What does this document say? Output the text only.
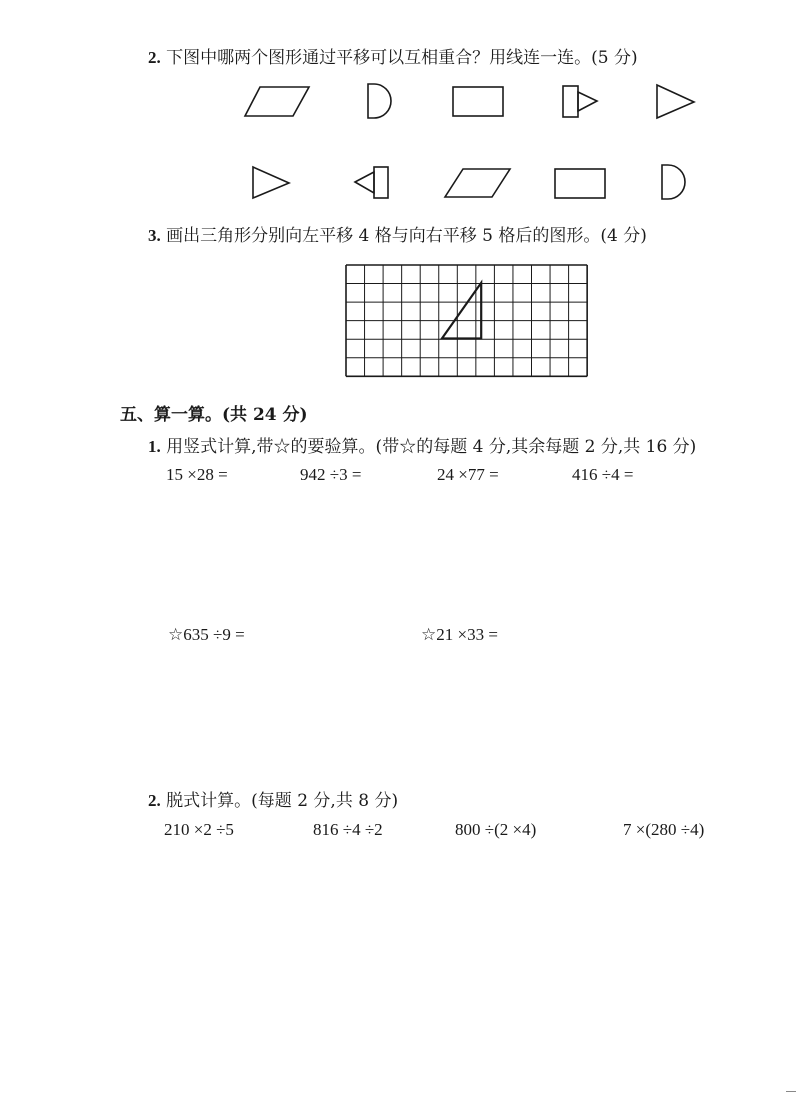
2. 下图中哪两个图形通过平移可以互相重合？用线连一连。(5 分)
3. 画出三角形分别向左平移 4 格与向右平移 5 格后的图形。(4 分)
五、算一算。(共 24 分)
1. 用竖式计算,带☆的要验算。(带☆的每题 4 分,其余每题 2 分,共 16 分)
15 ×28 =	942 ÷3 =	24 ×77 =	416 ÷4 =
☆635 ÷9 =	☆21 ×33 =
2. 脱式计算。(每题 2 分,共 8 分)
210 ×2 ÷5	816 ÷4 ÷2	800 ÷(2 ×4)	7 ×(280 ÷4)
